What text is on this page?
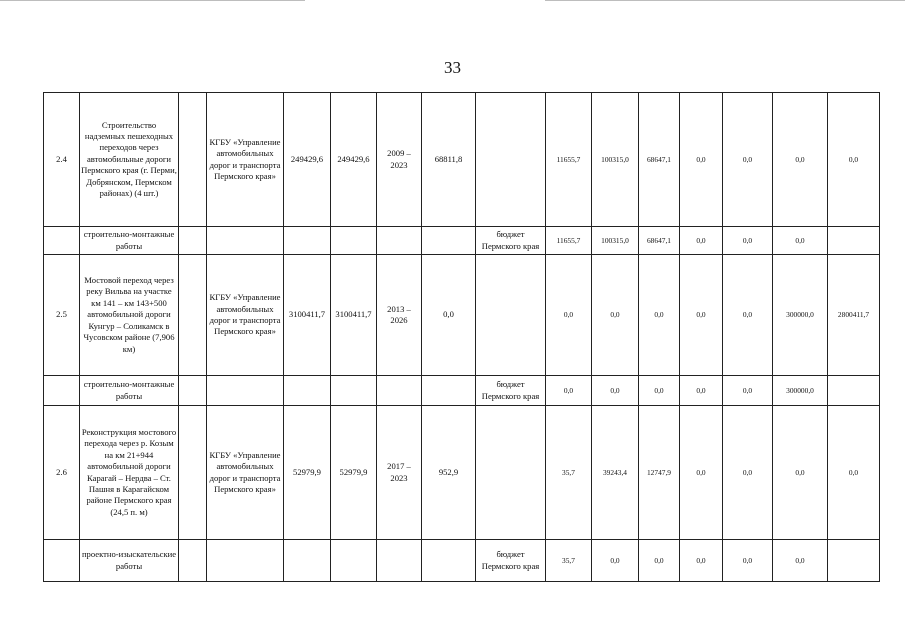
33
2.4	Строительство надземных пешеходных переходов через автомобильные дороги Пермского края (г. Перми, Добрянском, Пермском районах) (4 шт.)		КГБУ «Управление автомобильных дорог и транспорта Пермского края»	249429,6	249429,6	2009 – 2023	68811,8		11655,7	100315,0	68647,1	0,0	0,0	0,0	0,0
	строительно-монтажные работы							бюджет Пермского края	11655,7	100315,0	68647,1	0,0	0,0	0,0	
2.5	Мостовой переход через реку Вильва на участке км 141 – км 143+500 автомобильной дороги Кунгур – Соликамск в Чусовском районе (7,906 км)		КГБУ «Управление автомобильных дорог и транспорта Пермского края»	3100411,7	3100411,7	2013 – 2026	0,0		0,0	0,0	0,0	0,0	0,0	300000,0	2800411,7
	строительно-монтажные работы							бюджет Пермского края	0,0	0,0	0,0	0,0	0,0	300000,0	
2.6	Реконструкция мостового перехода через р. Козым на км 21+944 автомобильной дороги Карагай – Нердва – Ст. Пашня в Карагайском районе Пермского края (24,5 п. м)		КГБУ «Управление автомобильных дорог и транспорта Пермского края»	52979,9	52979,9	2017 – 2023	952,9		35,7	39243,4	12747,9	0,0	0,0	0,0	0,0
	проектно-изыскательские работы							бюджет Пермского края	35,7	0,0	0,0	0,0	0,0	0,0	
